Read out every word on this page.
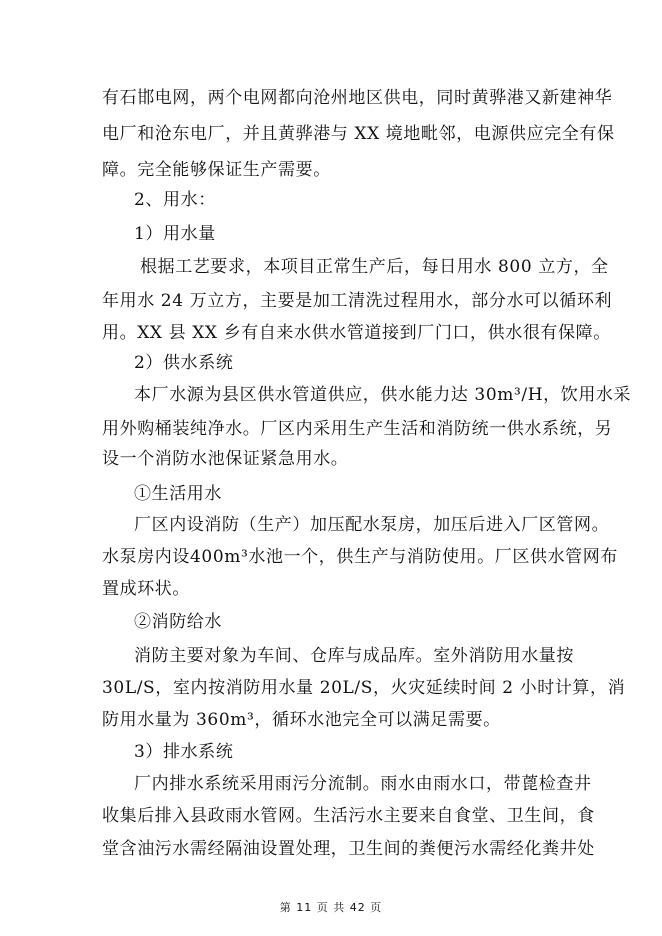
有石邯电网，两个电网都向沧州地区供电，同时黄骅港又新建神华
电厂和沧东电厂，并且黄骅港与 XX 境地毗邻，电源供应完全有保
障。完全能够保证生产需要。
2、用水：
1）用水量
根据工艺要求，本项目正常生产后，每日用水 800 立方，全
年用水 24 万立方，主要是加工清洗过程用水，部分水可以循环利
用。XX 县 XX 乡有自来水供水管道接到厂门口，供水很有保障。
2）供水系统
本厂水源为县区供水管道供应，供水能力达 30m³/H，饮用水采
用外购桶装纯净水。厂区内采用生产生活和消防统一供水系统，另
设一个消防水池保证紧急用水。
①生活用水
厂区内设消防（生产）加压配水泵房，加压后进入厂区管网。
水泵房内设400m³水池一个，供生产与消防使用。厂区供水管网布
置成环状。
②消防给水
消防主要对象为车间、仓库与成品库。室外消防用水量按
30L/S，室内按消防用水量 20L/S，火灾延续时间 2 小时计算，消
防用水量为 360m³，循环水池完全可以满足需要。
3）排水系统
厂内排水系统采用雨污分流制。雨水由雨水口，带蓖检查井
收集后排入县政雨水管网。生活污水主要来自食堂、卫生间，食
堂含油污水需经隔油设置处理，卫生间的粪便污水需经化粪井处
第 11 页 共 42 页
